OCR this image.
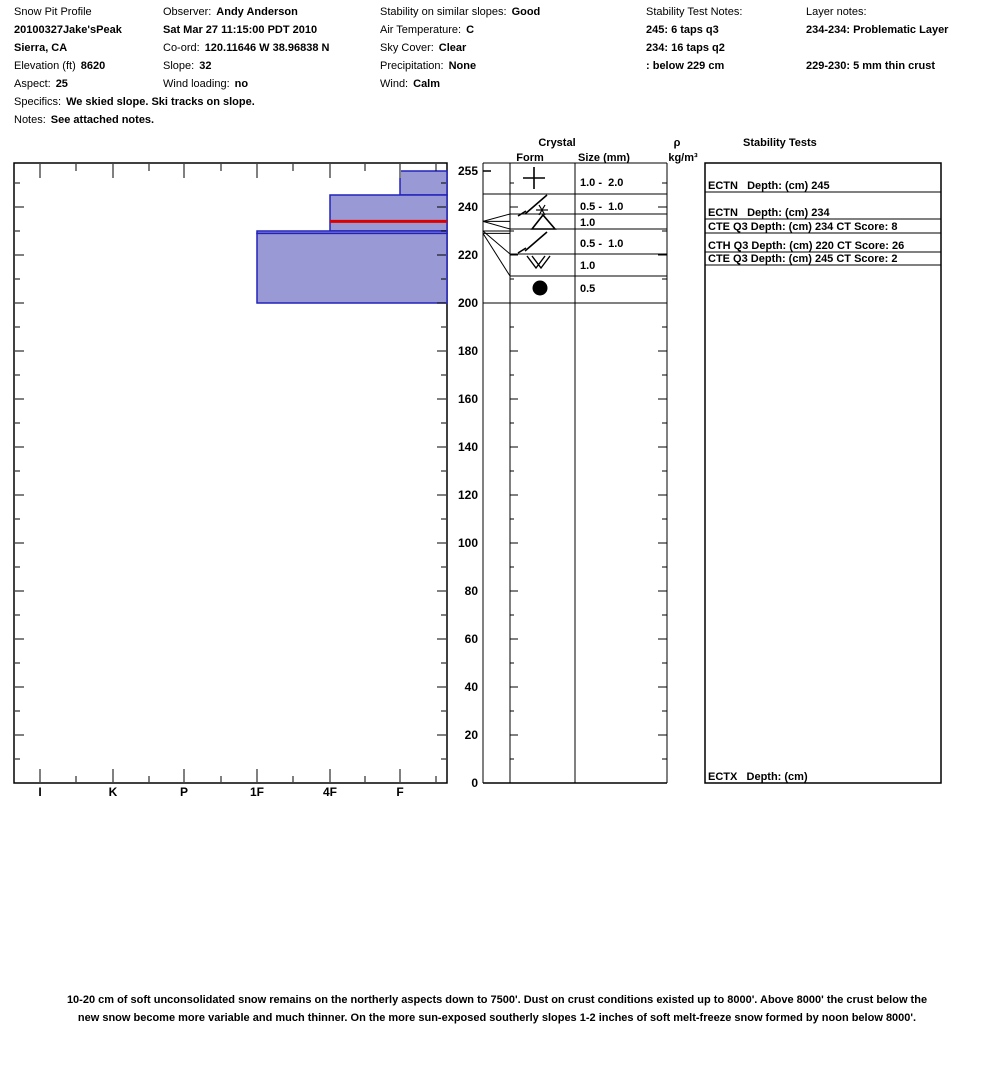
Snow Pit Profile
20100327Jake'sPeak
Sierra, CA
Elevation (ft) 8620
Aspect: 25
Specifics: We skied slope. Ski tracks on slope.
Notes: See attached notes.
Observer: Andy Anderson
Sat Mar 27 11:15:00 PDT 2010
Co-ord: 120.11646 W 38.96838 N
Slope: 32
Wind loading: no
Stability on similar slopes: Good
Air Temperature: C
Sky Cover: Clear
Precipitation: None
Wind: Calm
Stability Test Notes:
245: 6 taps q3
234: 16 taps q2
: below 229 cm
Layer notes:
234-234: Problematic Layer
229-230: 5 mm thin crust
I	K	P	1F	4F	F
255
240
220
200
180
160
140
120
100
80
60
40
20
0
Crystal
Form	Size (mm)
ρ
kg/m³
Stability Tests
1.0 -  2.0
0.5 -  1.0
1.0
0.5 -  1.0
1.0
0.5
ECTN   Depth: (cm) 245
ECTN   Depth: (cm) 234
CTE Q3 Depth: (cm) 234 CT Score: 8
CTH Q3 Depth: (cm) 220 CT Score: 26
CTE Q3 Depth: (cm) 245 CT Score: 2
ECTX   Depth: (cm)
10-20 cm of soft unconsolidated snow remains on the northerly aspects down to 7500'. Dust on crust conditions existed up to 8000'. Above 8000' the crust below the
new snow become more variable and much thinner. On the more sun-exposed southerly slopes 1-2 inches of soft melt-freeze snow formed by noon below 8000'.
